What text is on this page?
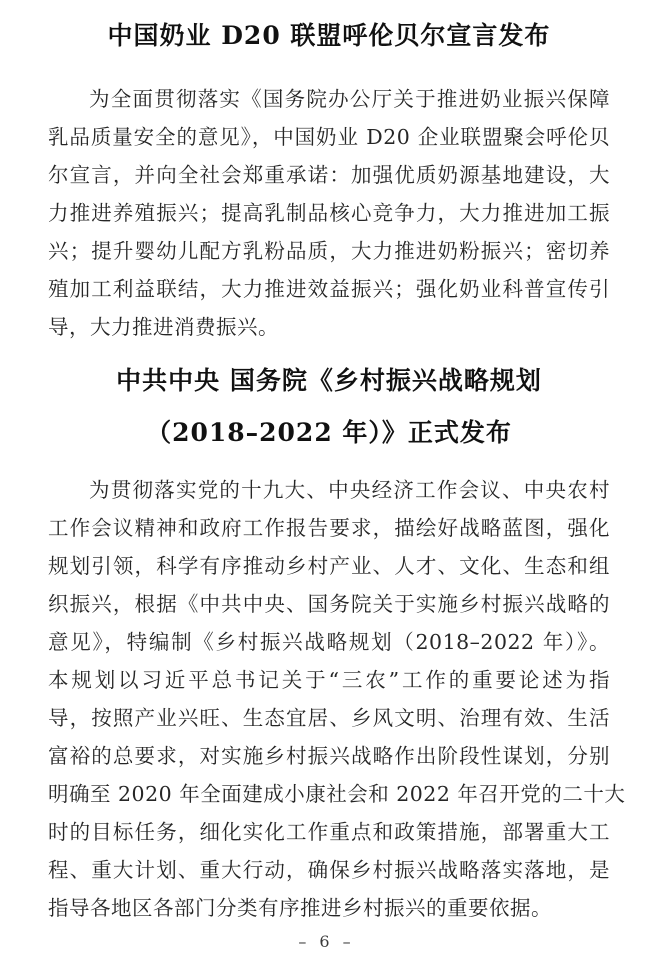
中国奶业 D20 联盟呼伦贝尔宣言发布

为全面贯彻落实《国务院办公厅关于推进奶业振兴保障
乳品质量安全的意见》，中国奶业 D20 企业联盟聚会呼伦贝
尔宣言，并向全社会郑重承诺：加强优质奶源基地建设，大
力推进养殖振兴；提高乳制品核心竞争力，大力推进加工振
兴；提升婴幼儿配方乳粉品质，大力推进奶粉振兴；密切养
殖加工利益联结，大力推进效益振兴；强化奶业科普宣传引
导，大力推进消费振兴。

中共中央 国务院《乡村振兴战略规划
（2018–2022 年）》正式发布

为贯彻落实党的十九大、中央经济工作会议、中央农村
工作会议精神和政府工作报告要求，描绘好战略蓝图，强化
规划引领，科学有序推动乡村产业、人才、文化、生态和组
织振兴，根据《中共中央、国务院关于实施乡村振兴战略的
意见》，特编制《乡村振兴战略规划（2018–2022 年）》。
本规划以习近平总书记关于“三农”工作的重要论述为指
导，按照产业兴旺、生态宜居、乡风文明、治理有效、生活
富裕的总要求，对实施乡村振兴战略作出阶段性谋划，分别
明确至 2020 年全面建成小康社会和 2022 年召开党的二十大
时的目标任务，细化实化工作重点和政策措施，部署重大工
程、重大计划、重大行动，确保乡村振兴战略落实落地，是
指导各地区各部门分类有序推进乡村振兴的重要依据。

– 6 –
